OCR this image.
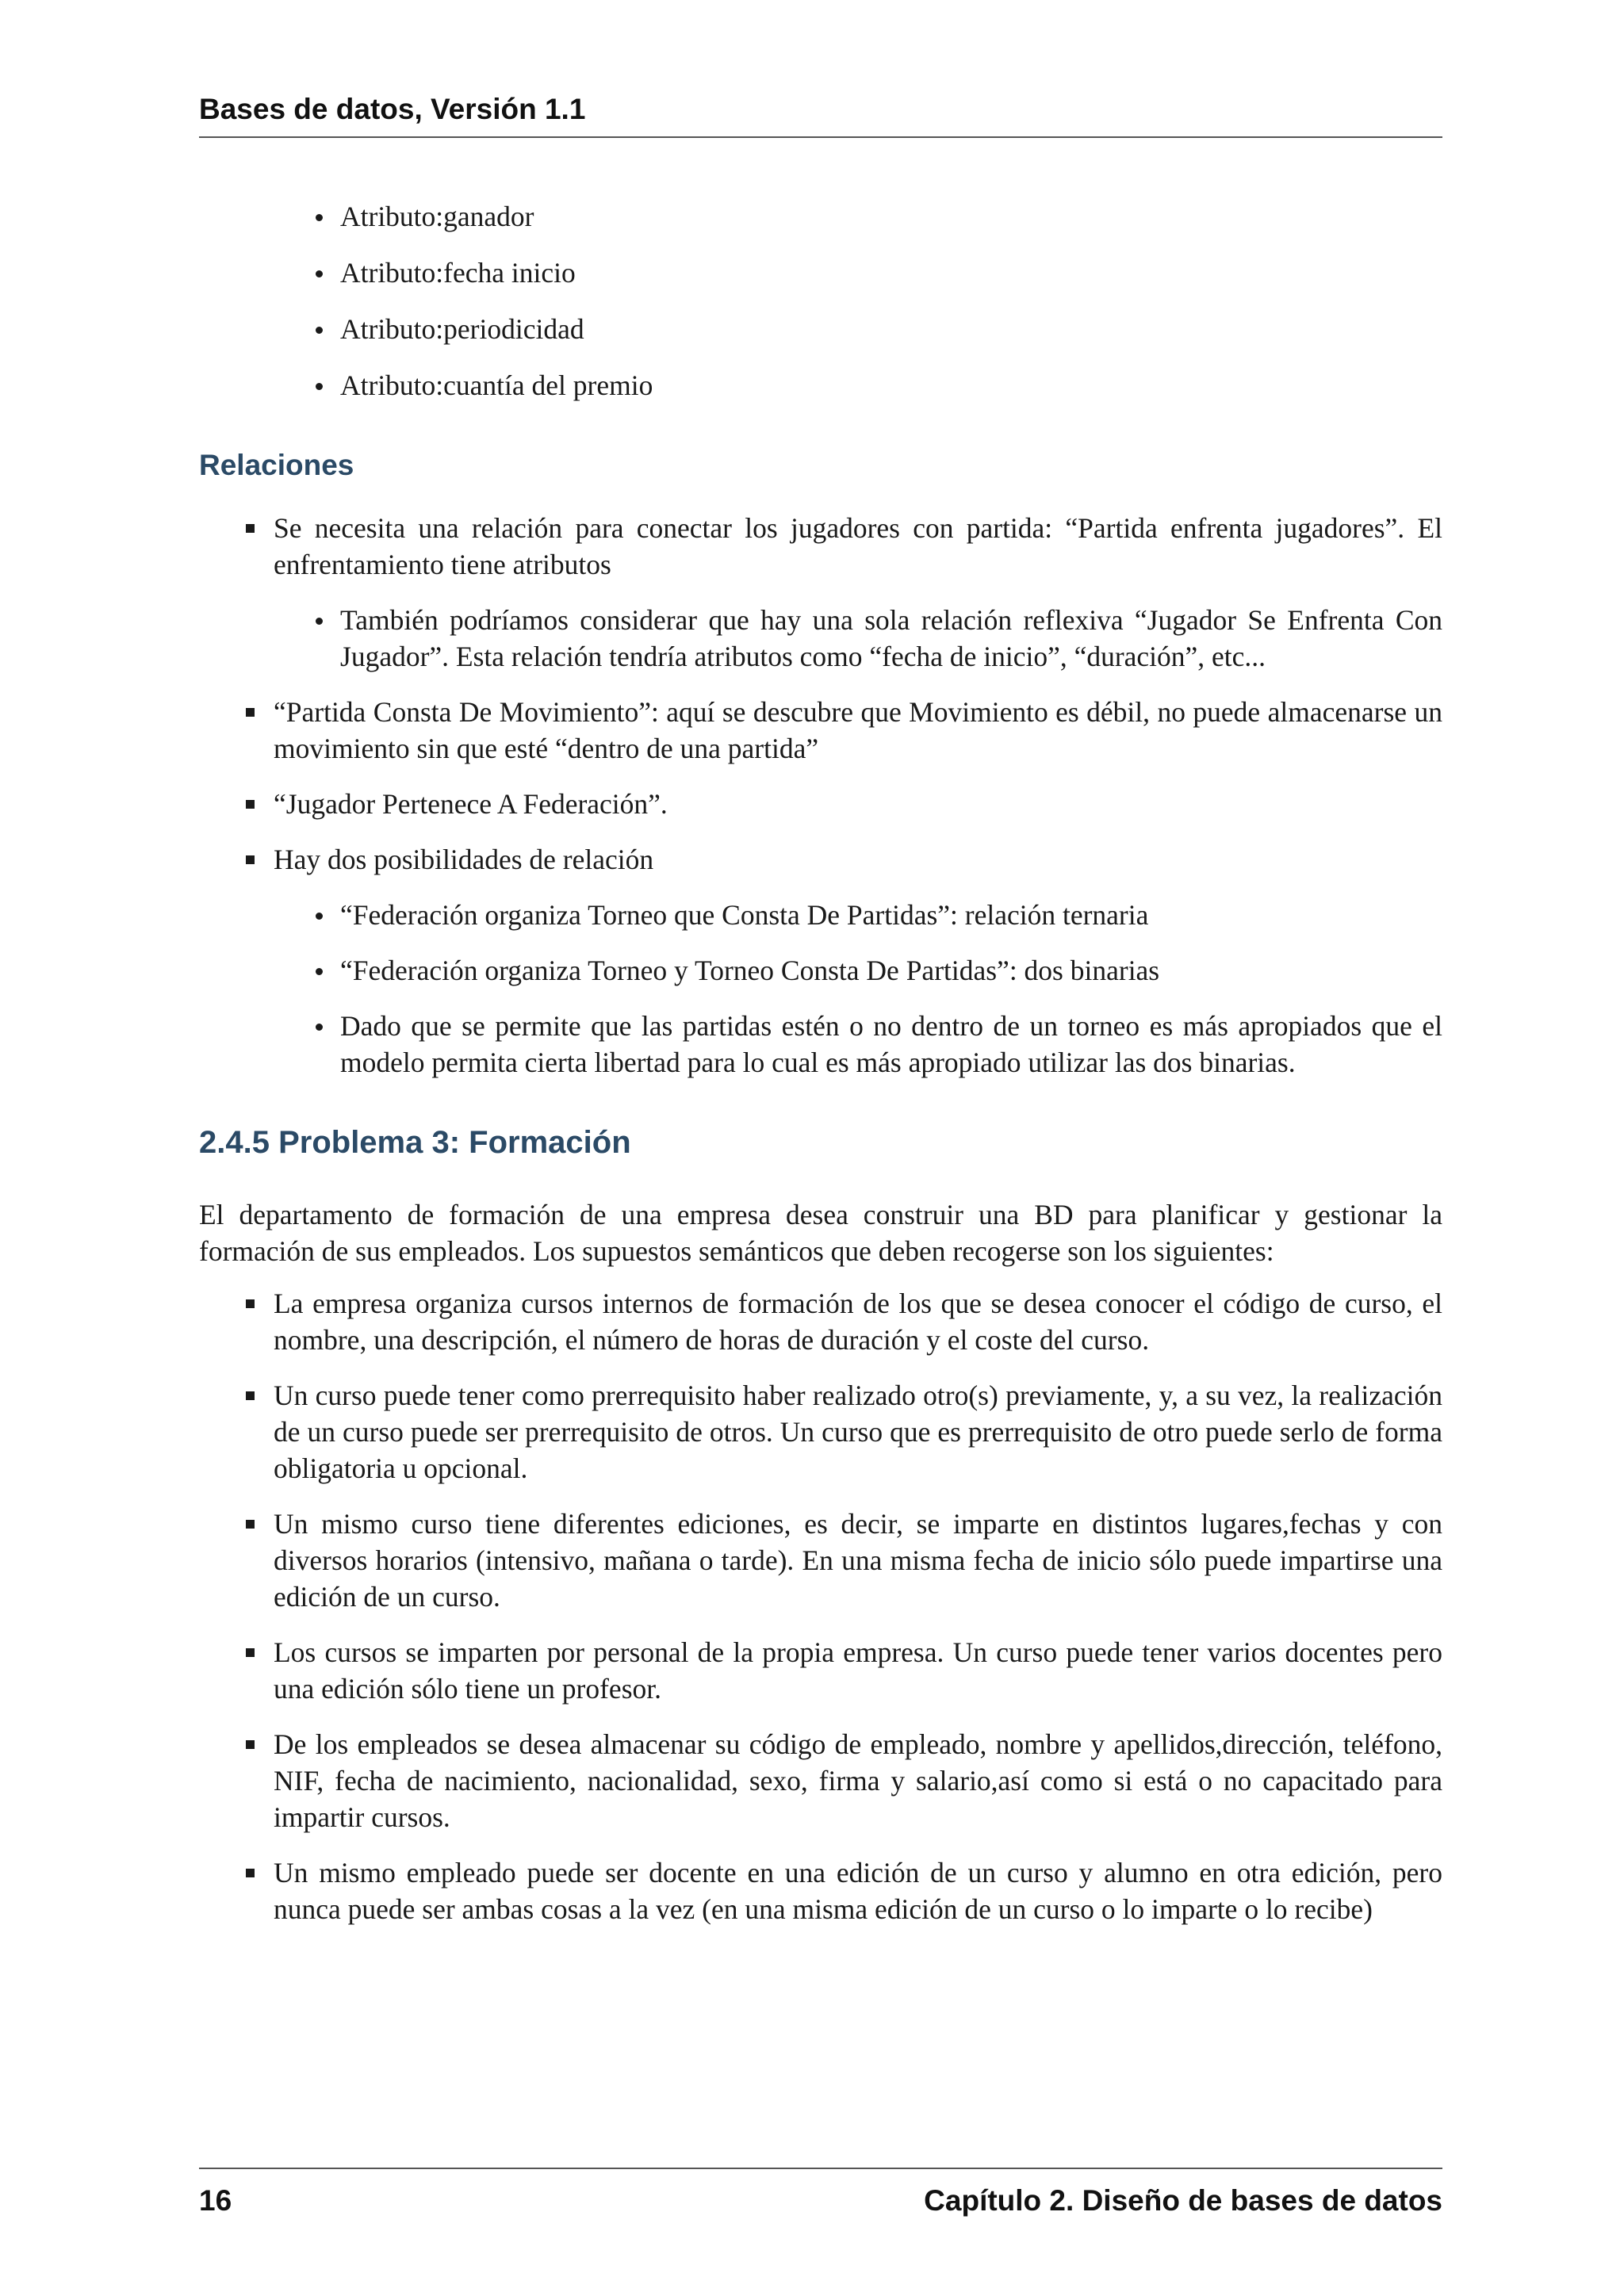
Bases de datos, Versión 1.1
Atributo:ganador
Atributo:fecha inicio
Atributo:periodicidad
Atributo:cuantía del premio
Relaciones
Se necesita una relación para conectar los jugadores con partida: “Partida enfrenta jugadores”. El enfrentamiento tiene atributos
También podríamos considerar que hay una sola relación reflexiva “Jugador Se Enfrenta Con Jugador”. Esta relación tendría atributos como “fecha de inicio”, “duración”, etc...
“Partida Consta De Movimiento”: aquí se descubre que Movimiento es débil, no puede almacenarse un movimiento sin que esté “dentro de una partida”
“Jugador Pertenece A Federación”.
Hay dos posibilidades de relación
“Federación organiza Torneo que Consta De Partidas”: relación ternaria
“Federación organiza Torneo y Torneo Consta De Partidas”: dos binarias
Dado que se permite que las partidas estén o no dentro de un torneo es más apropiados que el modelo permita cierta libertad para lo cual es más apropiado utilizar las dos binarias.
2.4.5 Problema 3: Formación

El departamento de formación de una empresa desea construir una BD para planificar y gestionar la formación de sus empleados. Los supuestos semánticos que deben recogerse son los siguientes:

La empresa organiza cursos internos de formación de los que se desea conocer el código de curso, el nombre, una descripción, el número de horas de duración y el coste del curso.
Un curso puede tener como prerrequisito haber realizado otro(s) previamente, y, a su vez, la realización de un curso puede ser prerrequisito de otros. Un curso que es prerrequisito de otro puede serlo de forma obligatoria u opcional.
Un mismo curso tiene diferentes ediciones, es decir, se imparte en distintos lugares,fechas y con diversos horarios (intensivo, mañana o tarde). En una misma fecha de inicio sólo puede impartirse una edición de un curso.
Los cursos se imparten por personal de la propia empresa. Un curso puede tener varios docentes pero una edición sólo tiene un profesor.
De los empleados se desea almacenar su código de empleado, nombre y apellidos,dirección, teléfono, NIF, fecha de nacimiento, nacionalidad, sexo, firma y salario,así como si está o no capacitado para impartir cursos.
Un mismo empleado puede ser docente en una edición de un curso y alumno en otra edición, pero nunca puede ser ambas cosas a la vez (en una misma edición de un curso o lo imparte o lo recibe)
16	Capítulo 2. Diseño de bases de datos
